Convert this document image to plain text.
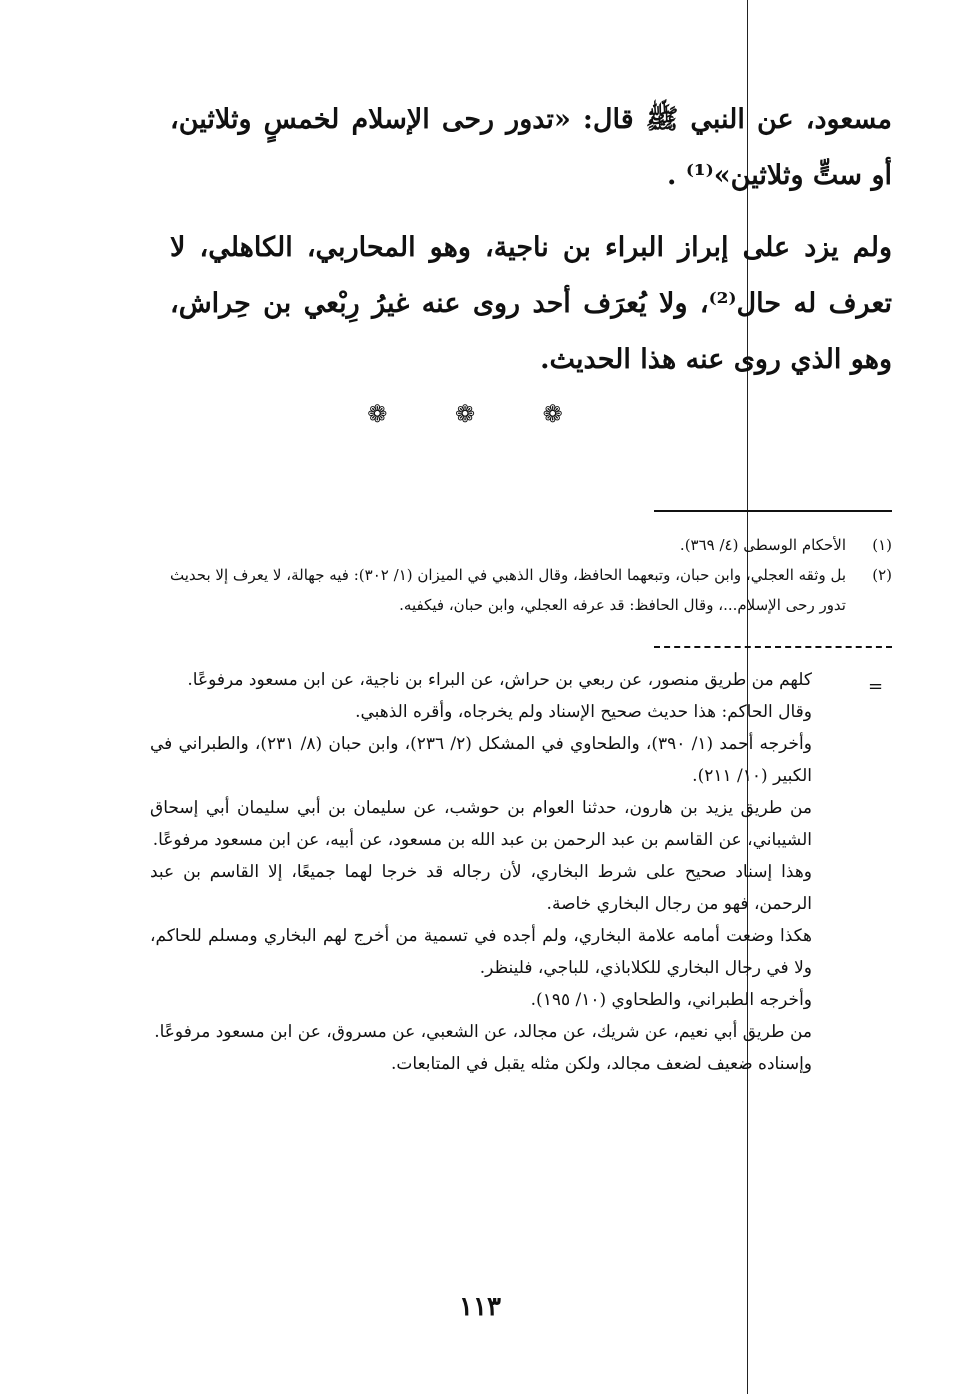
مسعود، عن النبي ﷺ قال: «تدور رحى الإسلام لخمسٍ وثلاثين، أو ستٍّ وثلاثين»⁽¹⁾ .

ولم يزد على إبراز البراء بن ناجية، وهو المحاربي، الكاهلي، لا تعرف له حال⁽²⁾، ولا يُعرَف أحد روى عنه غيرُ رِبْعي بن حِراش، وهو الذي روى عنه هذا الحديث.

❁ ❁ ❁
(١)
الأحكام الوسطى (٤/ ٣٦٩).
(٢)
بل وثقه العجلي، وابن حبان، وتبعهما الحافظ، وقال الذهبي في الميزان (١/ ٣٠٢): فيه جهالة، لا يعرف إلا بحديث تدور رحى الإسلام...، وقال الحافظ: قد عرفه العجلي، وابن حبان، فيكفيه.
=

كلهم من طريق منصور، عن ربعي بن حراش، عن البراء بن ناجية، عن ابن مسعود مرفوعًا.

وقال الحاكم: هذا حديث صحيح الإسناد ولم يخرجاه، وأقره الذهبي.

وأخرجه أحمد (١/ ٣٩٠)، والطحاوي في المشكل (٢/ ٢٣٦)، وابن حبان (٨/ ٢٣١)، والطبراني في الكبير (١٠/ ٢١١).

من طريق يزيد بن هارون، حدثنا العوام بن حوشب، عن سليمان بن أبي سليمان أبي إسحاق الشيباني، عن القاسم بن عبد الرحمن بن عبد الله بن مسعود، عن أبيه، عن ابن مسعود مرفوعًا.

وهذا إسناد صحيح على شرط البخاري، لأن رجاله قد خرجا لهما جميعًا، إلا القاسم بن عبد الرحمن، فهو من رجال البخاري خاصة.

هكذا وضعت أمامه علامة البخاري، ولم أجده في تسمية من أخرج لهم البخاري ومسلم للحاكم، ولا في رجال البخاري للكلاباذي، للباجي، فلينظر.

وأخرجه الطبراني، والطحاوي (١٠/ ١٩٥).

من طريق أبي نعيم، عن شريك، عن مجالد، عن الشعبي، عن مسروق، عن ابن مسعود مرفوعًا.

وإسناده ضعيف لضعف مجالد، ولكن مثله يقبل في المتابعات.

١١٣
